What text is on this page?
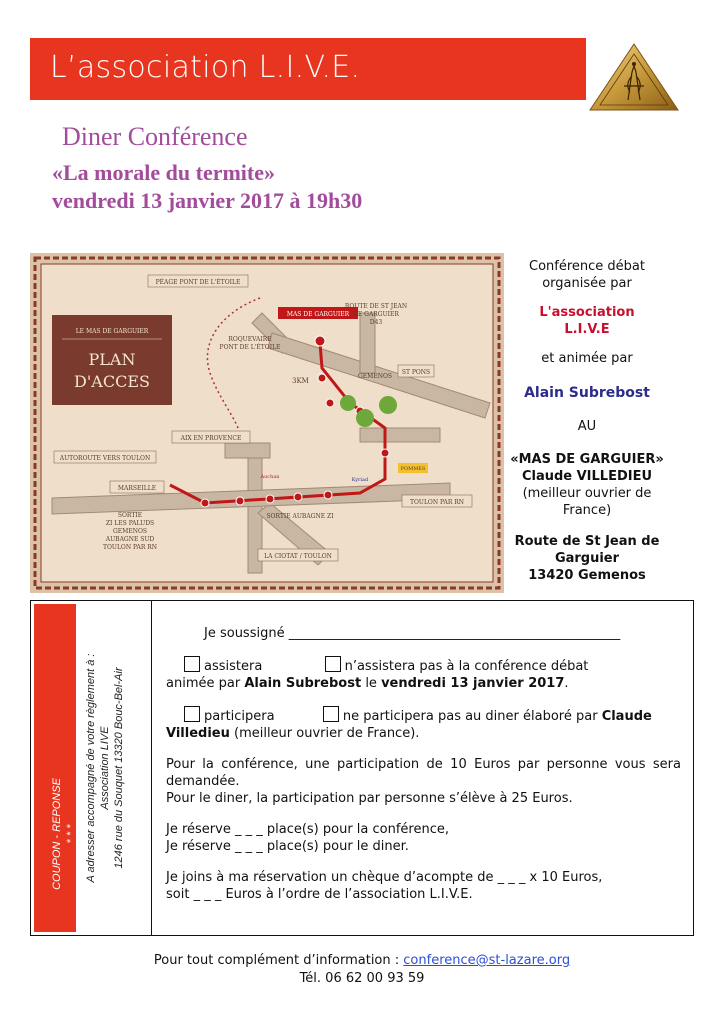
L’association L.I.V.E.
Diner Conférence
«La morale du termite»
vendredi 13 janvier 2017 à 19h30
LE MAS DE GARGUIER
PLAN
D'ACCES
PÉAGE PONT DE L'ÉTOILE
MAS DE GARGUIER
ROUTE DE ST JEAN
DE GARGUIER
D43
ROQUEVAIRE
PONT DE L'ÉTOILE
3KM
GEMENOS
ST PONS
AIX EN PROVENCE
AUTOROUTE VERS TOULON
MARSEILLE
Auchan	Kyriad
POMMES
TOULON PAR RN
SORTIE
ZI LES PALUDS
GEMENOS
AUBAGNE SUD
TOULON PAR RN
SORTIE AUBAGNE ZI
LA CIOTAT / TOULON

Conférence débat

organisée par

L'association

L.I.V.E

et animée par

Alain Subrebost

AU

«MAS DE GARGUIER»

Claude VILLEDIEU

(meilleur ouvrier de France)

Route de St Jean de

Garguier

13420 Gemenos

COUPON - REPONSE * * * A adresser accompagné de votre règlement à : Association LIVE 1246 rue du Souquet 13320 Bouc-Bel-Air

Je soussigné ___________________________________________________

assistera	n’assistera pas à la conférence débat

animée par Alain Subrebost le vendredi 13 janvier 2017.

participera	ne participera pas au diner élaboré par Claude

Villedieu (meilleur ouvrier de France).

Pour la conférence, une participation de 10 Euros par personne vous sera demandée.

Pour le diner, la participation par personne s’élève à 25 Euros.

Je réserve _ _ _ place(s) pour la conférence,

Je réserve _ _ _ place(s) pour le diner.

Je joins à ma réservation un chèque d’acompte de _ _ _ x 10 Euros,

soit _ _ _ Euros à l’ordre de l’association L.I.V.E.

Pour tout complément d’information : conference@st-lazare.org
Tél. 06 62 00 93 59
